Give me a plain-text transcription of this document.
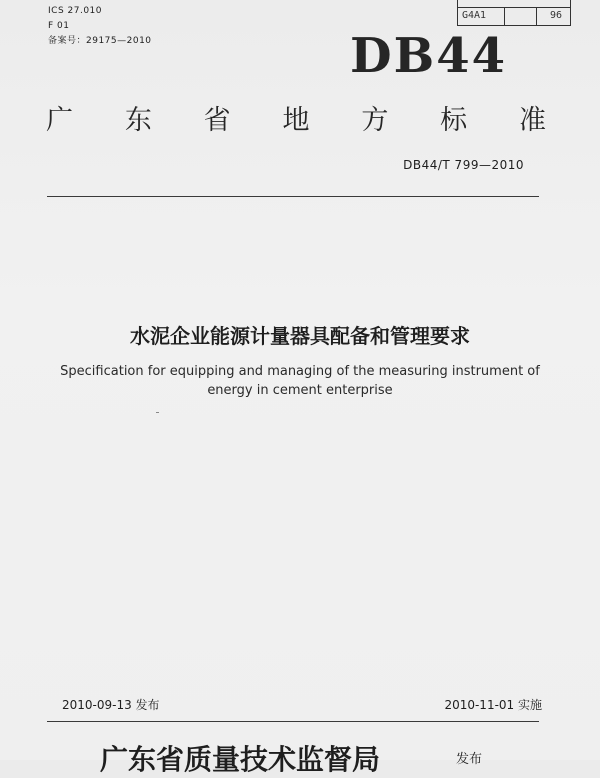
ICS 27.010
F 01
备案号：29175—2010
G4A1	96
DB44
广 东 省 地 方 标 准
DB44/T 799—2010
水泥企业能源计量器具配备和管理要求
Specification for equipping and managing of the measuring instrument of
energy in cement enterprise
2010-09-13 发布	2010-11-01 实施
广东省质量技术监督局	发布
